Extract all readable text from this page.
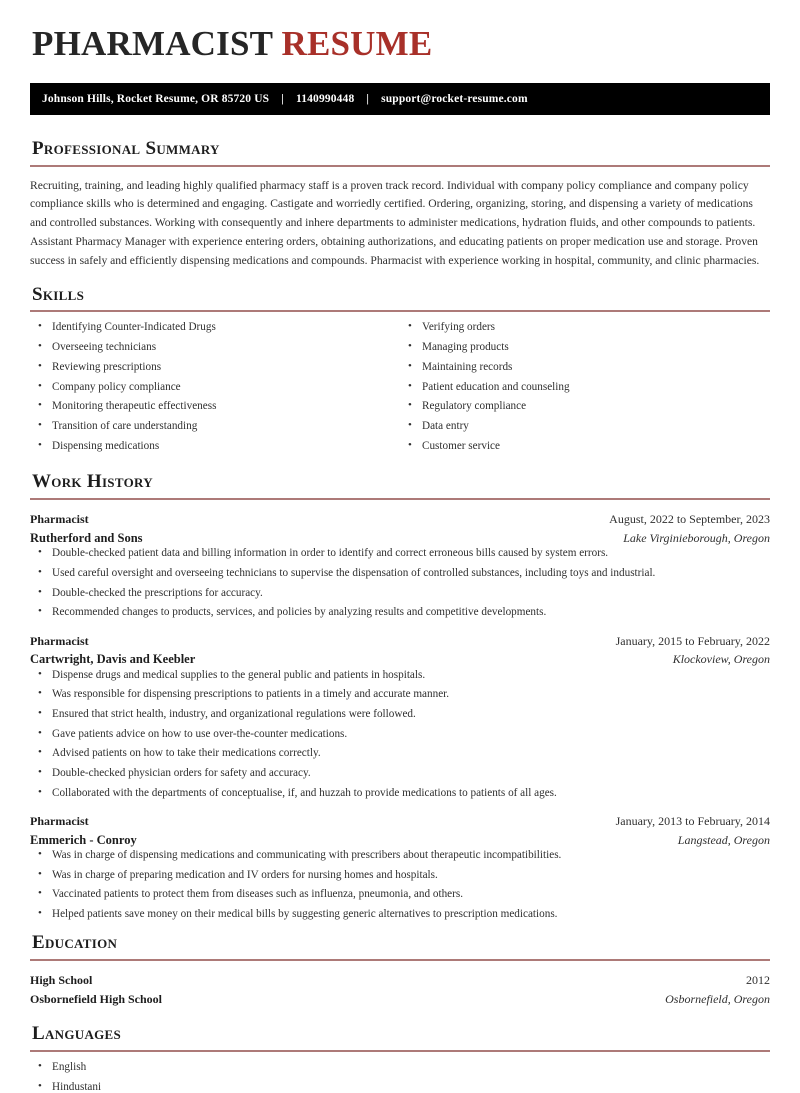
PHARMACIST RESUME
Johnson Hills, Rocket Resume, OR 85720 US | 1140990448 | support@rocket-resume.com
Professional Summary

Recruiting, training, and leading highly qualified pharmacy staff is a proven track record. Individual with company policy compliance and company policy compliance skills who is determined and engaging. Castigate and worriedly certified. Ordering, organizing, storing, and dispensing a variety of medications and controlled substances. Working with consequently and inhere departments to administer medications, hydration fluids, and other compounds to patients. Assistant Pharmacy Manager with experience entering orders, obtaining authorizations, and educating patients on proper medication use and storage. Proven success in safely and efficiently dispensing medications and compounds. Pharmacist with experience working in hospital, community, and clinic pharmacies.

Skills
• Identifying Counter-Indicated Drugs
• Overseeing technicians
• Reviewing prescriptions
• Company policy compliance
• Monitoring therapeutic effectiveness
• Transition of care understanding
• Dispensing medications
• Verifying orders
• Managing products
• Maintaining records
• Patient education and counseling
• Regulatory compliance
• Data entry
• Customer service
Work History
Pharmacist	August, 2022 to September, 2023
Rutherford and Sons	Lake Virginieborough, Oregon
• Double-checked patient data and billing information in order to identify and correct erroneous bills caused by system errors.
• Used careful oversight and overseeing technicians to supervise the dispensation of controlled substances, including toys and industrial.
• Double-checked the prescriptions for accuracy.
• Recommended changes to products, services, and policies by analyzing results and competitive developments.
Pharmacist	January, 2015 to February, 2022
Cartwright, Davis and Keebler	Klockoview, Oregon
• Dispense drugs and medical supplies to the general public and patients in hospitals.
• Was responsible for dispensing prescriptions to patients in a timely and accurate manner.
• Ensured that strict health, industry, and organizational regulations were followed.
• Gave patients advice on how to use over-the-counter medications.
• Advised patients on how to take their medications correctly.
• Double-checked physician orders for safety and accuracy.
• Collaborated with the departments of conceptualise, if, and huzzah to provide medications to patients of all ages.
Pharmacist	January, 2013 to February, 2014
Emmerich - Conroy	Langstead, Oregon
• Was in charge of dispensing medications and communicating with prescribers about therapeutic incompatibilities.
• Was in charge of preparing medication and IV orders for nursing homes and hospitals.
• Vaccinated patients to protect them from diseases such as influenza, pneumonia, and others.
• Helped patients save money on their medical bills by suggesting generic alternatives to prescription medications.
Education
High School	2012
Osbornefield High School	Osbornefield, Oregon
Languages
• English
• Hindustani
